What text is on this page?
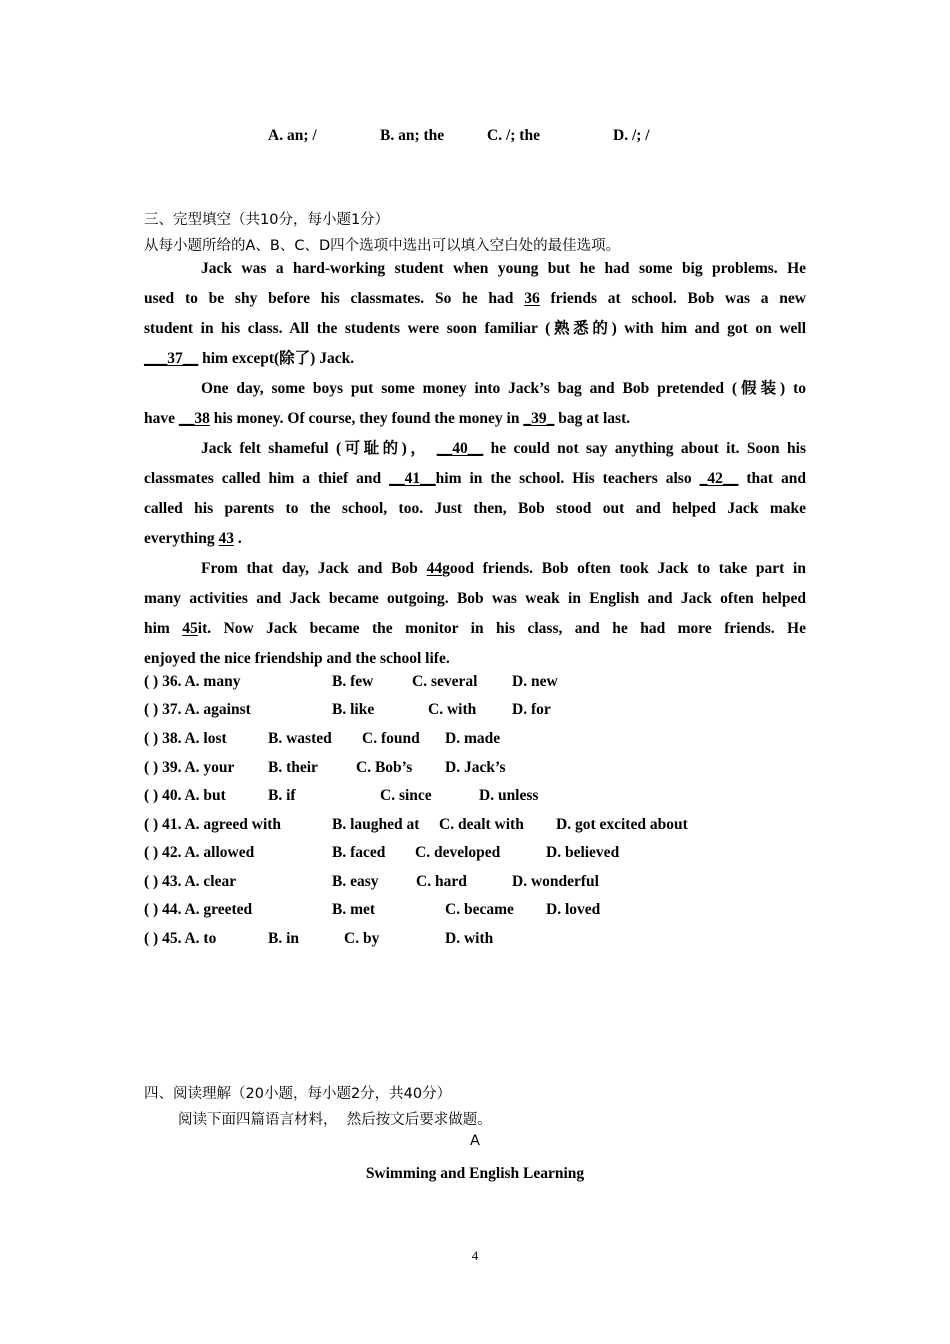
A. an; /	B. an; the	C. /; the	D. /; /
三、完型填空（共10分，每小题1分）
从每小题所给的A、B、C、D四个选项中选出可以填入空白处的最佳选项。
Jack was a hard-working student when young but he had some big problems. He
used to be shy before his classmates. So he had 36 friends at school. Bob was a new
student in his class. All the students were soon familiar (熟悉的) with him and got on well
___37__ him except(除了) Jack.
One day, some boys put some money into Jack’s bag and Bob pretended (假装) to
have __38 his money. Of course, they found the money in _39_ bag at last.
Jack felt shameful (可耻的)， __40__ he could not say anything about it. Soon his
classmates called him a thief and __41__him in the school. His teachers also _42__ that and
called his parents to the school, too. Just then, Bob stood out and helped Jack make
everything 43 .
From that day, Jack and Bob 44good friends. Bob often took Jack to take part in
many activities and Jack became outgoing. Bob was weak in English and Jack often helped
him 45it. Now Jack became the monitor in his class, and he had more friends. He
enjoyed the nice friendship and the school life.
( ) 36. A. many	B. few C. several D. new
( ) 37. A. against	B. like	C. with D. for
( ) 38. A. lost	B. wasted C. found D. made
( ) 39. A. your B. their C. Bob’s D. Jack’s
( ) 40. A. but	B. if	C. since	D. unless
( ) 41. A. agreed with	B. laughed at C. dealt with D. got excited about
( ) 42. A. allowed	B. faced C. developed	D. believed
( ) 43. A. clear	B. easy C. hard	D. wonderful
( ) 44. A. greeted	B. met	C. became D. loved
( ) 45. A. to	B. in	C. by	D. with
四、阅读理解（20小题，每小题2分，共40分）
阅读下面四篇语言材料，  然后按文后要求做题。
A
Swimming and English Learning
4
